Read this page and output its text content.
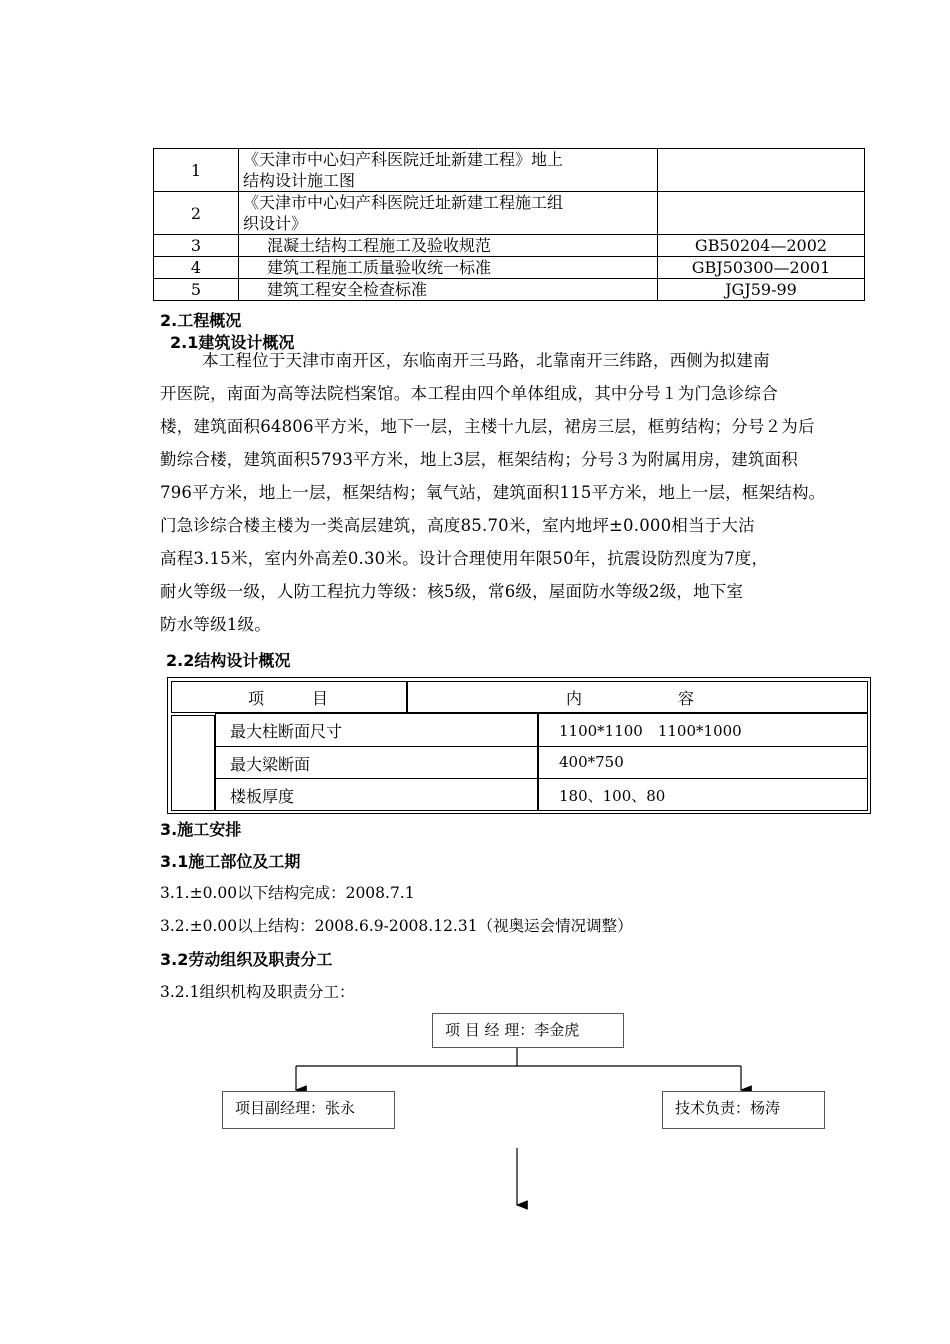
1	《天津市中心妇产科医院迁址新建工程》地上
结构设计施工图	
2	《天津市中心妇产科医院迁址新建工程施工组
织设计》	
3	混凝土结构工程施工及验收规范	GB50204—2002
4	建筑工程施工质量验收统一标准	GBJ50300—2001
5	建筑工程安全检查标准	JGJ59-99
2.工程概况
2.1建筑设计概况
本工程位于天津市南开区，东临南开三马路，北靠南开三纬路，西侧为拟建南
开医院，南面为高等法院档案馆。本工程由四个单体组成，其中分号１为门急诊综合
楼，建筑面积64806平方米，地下一层，主楼十九层，裙房三层，框剪结构；分号２为后
勤综合楼，建筑面积5793平方米，地上3层，框架结构；分号３为附属用房，建筑面积
796平方米，地上一层，框架结构；氧气站，建筑面积115平方米，地上一层，框架结构。
门急诊综合楼主楼为一类高层建筑，高度85.70米，室内地坪±0.000相当于大沽
高程3.15米，室内外高差0.30米。设计合理使用年限50年，抗震设防烈度为7度，
耐火等级一级，人防工程抗力等级：核5级，常6级，屋面防水等级2级，地下室
防水等级1级。
2.2结构设计概况
项　　　目	内　　　　　　容
最大柱断面尺寸	1100*1100　1100*1000
最大梁断面	400*750
楼板厚度	180、100、80
3.施工安排
3.1施工部位及工期
3.1.±0.00以下结构完成：2008.7.1
3.2.±0.00以上结构：2008.6.9-2008.12.31（视奥运会情况调整）
3.2劳动组织及职责分工
3.2.1组织机构及职责分工：
项 目 经 理：李金虎
项目副经理：张永	技术负责：杨涛
